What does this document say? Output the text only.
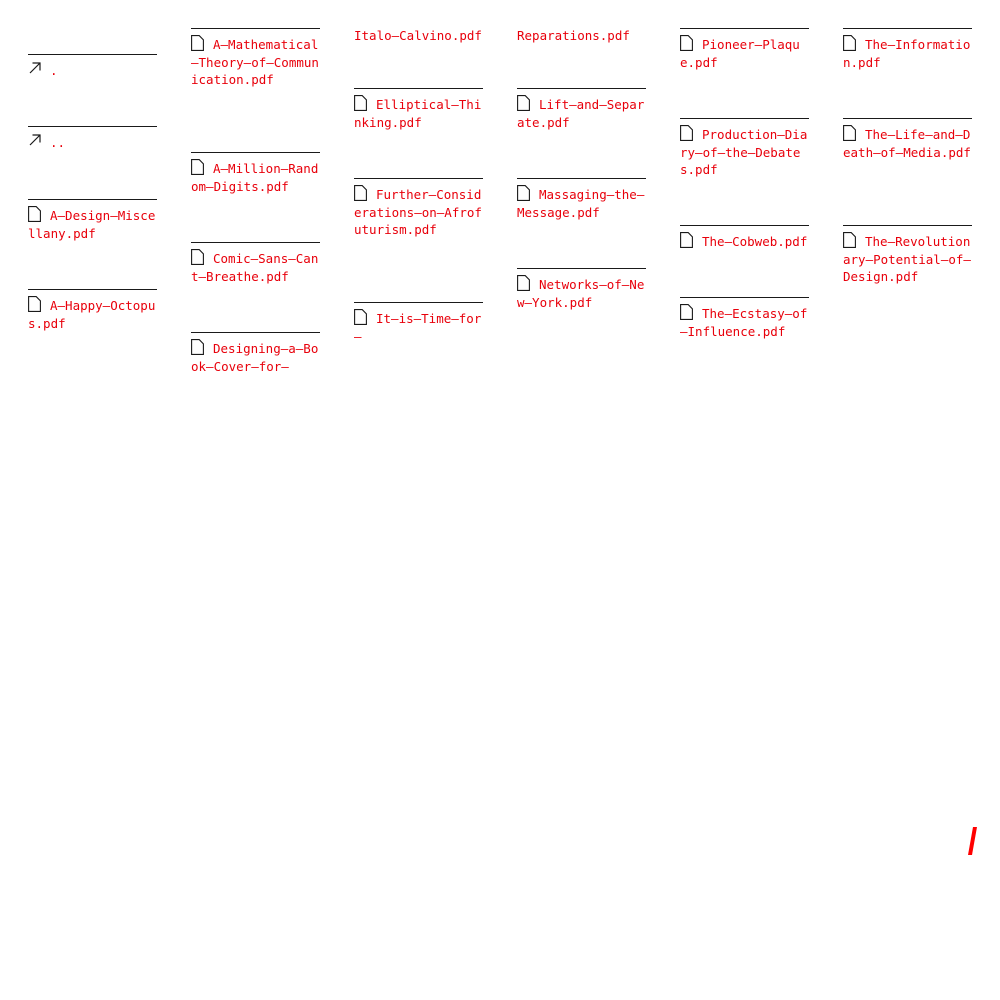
.
..
A–Design–Miscellany.pdf
A–Happy–Octopus.pdf
A–Mathematical–Theory–of–Communication.pdf
A–Million–Random–Digits.pdf
Comic–Sans–Cant–Breathe.pdf
Designing–a–Book–Cover–for–
Italo–Calvino.pdf
Elliptical–Thinking.pdf
Further–Considerations–on–Afrofuturism.pdf
It–is–Time–for–
Reparations.pdf
Lift–and–Separate.pdf
Massaging–the–Message.pdf
Networks–of–New–York.pdf
Pioneer–Plaque.pdf
Production–Diary–of–the–Debates.pdf
The–Cobweb.pdf
The–Ecstasy–of–Influence.pdf
The–Information.pdf
The–Life–and–Death–of–Media.pdf
The–Revolutionary–Potential–of–Design.pdf
